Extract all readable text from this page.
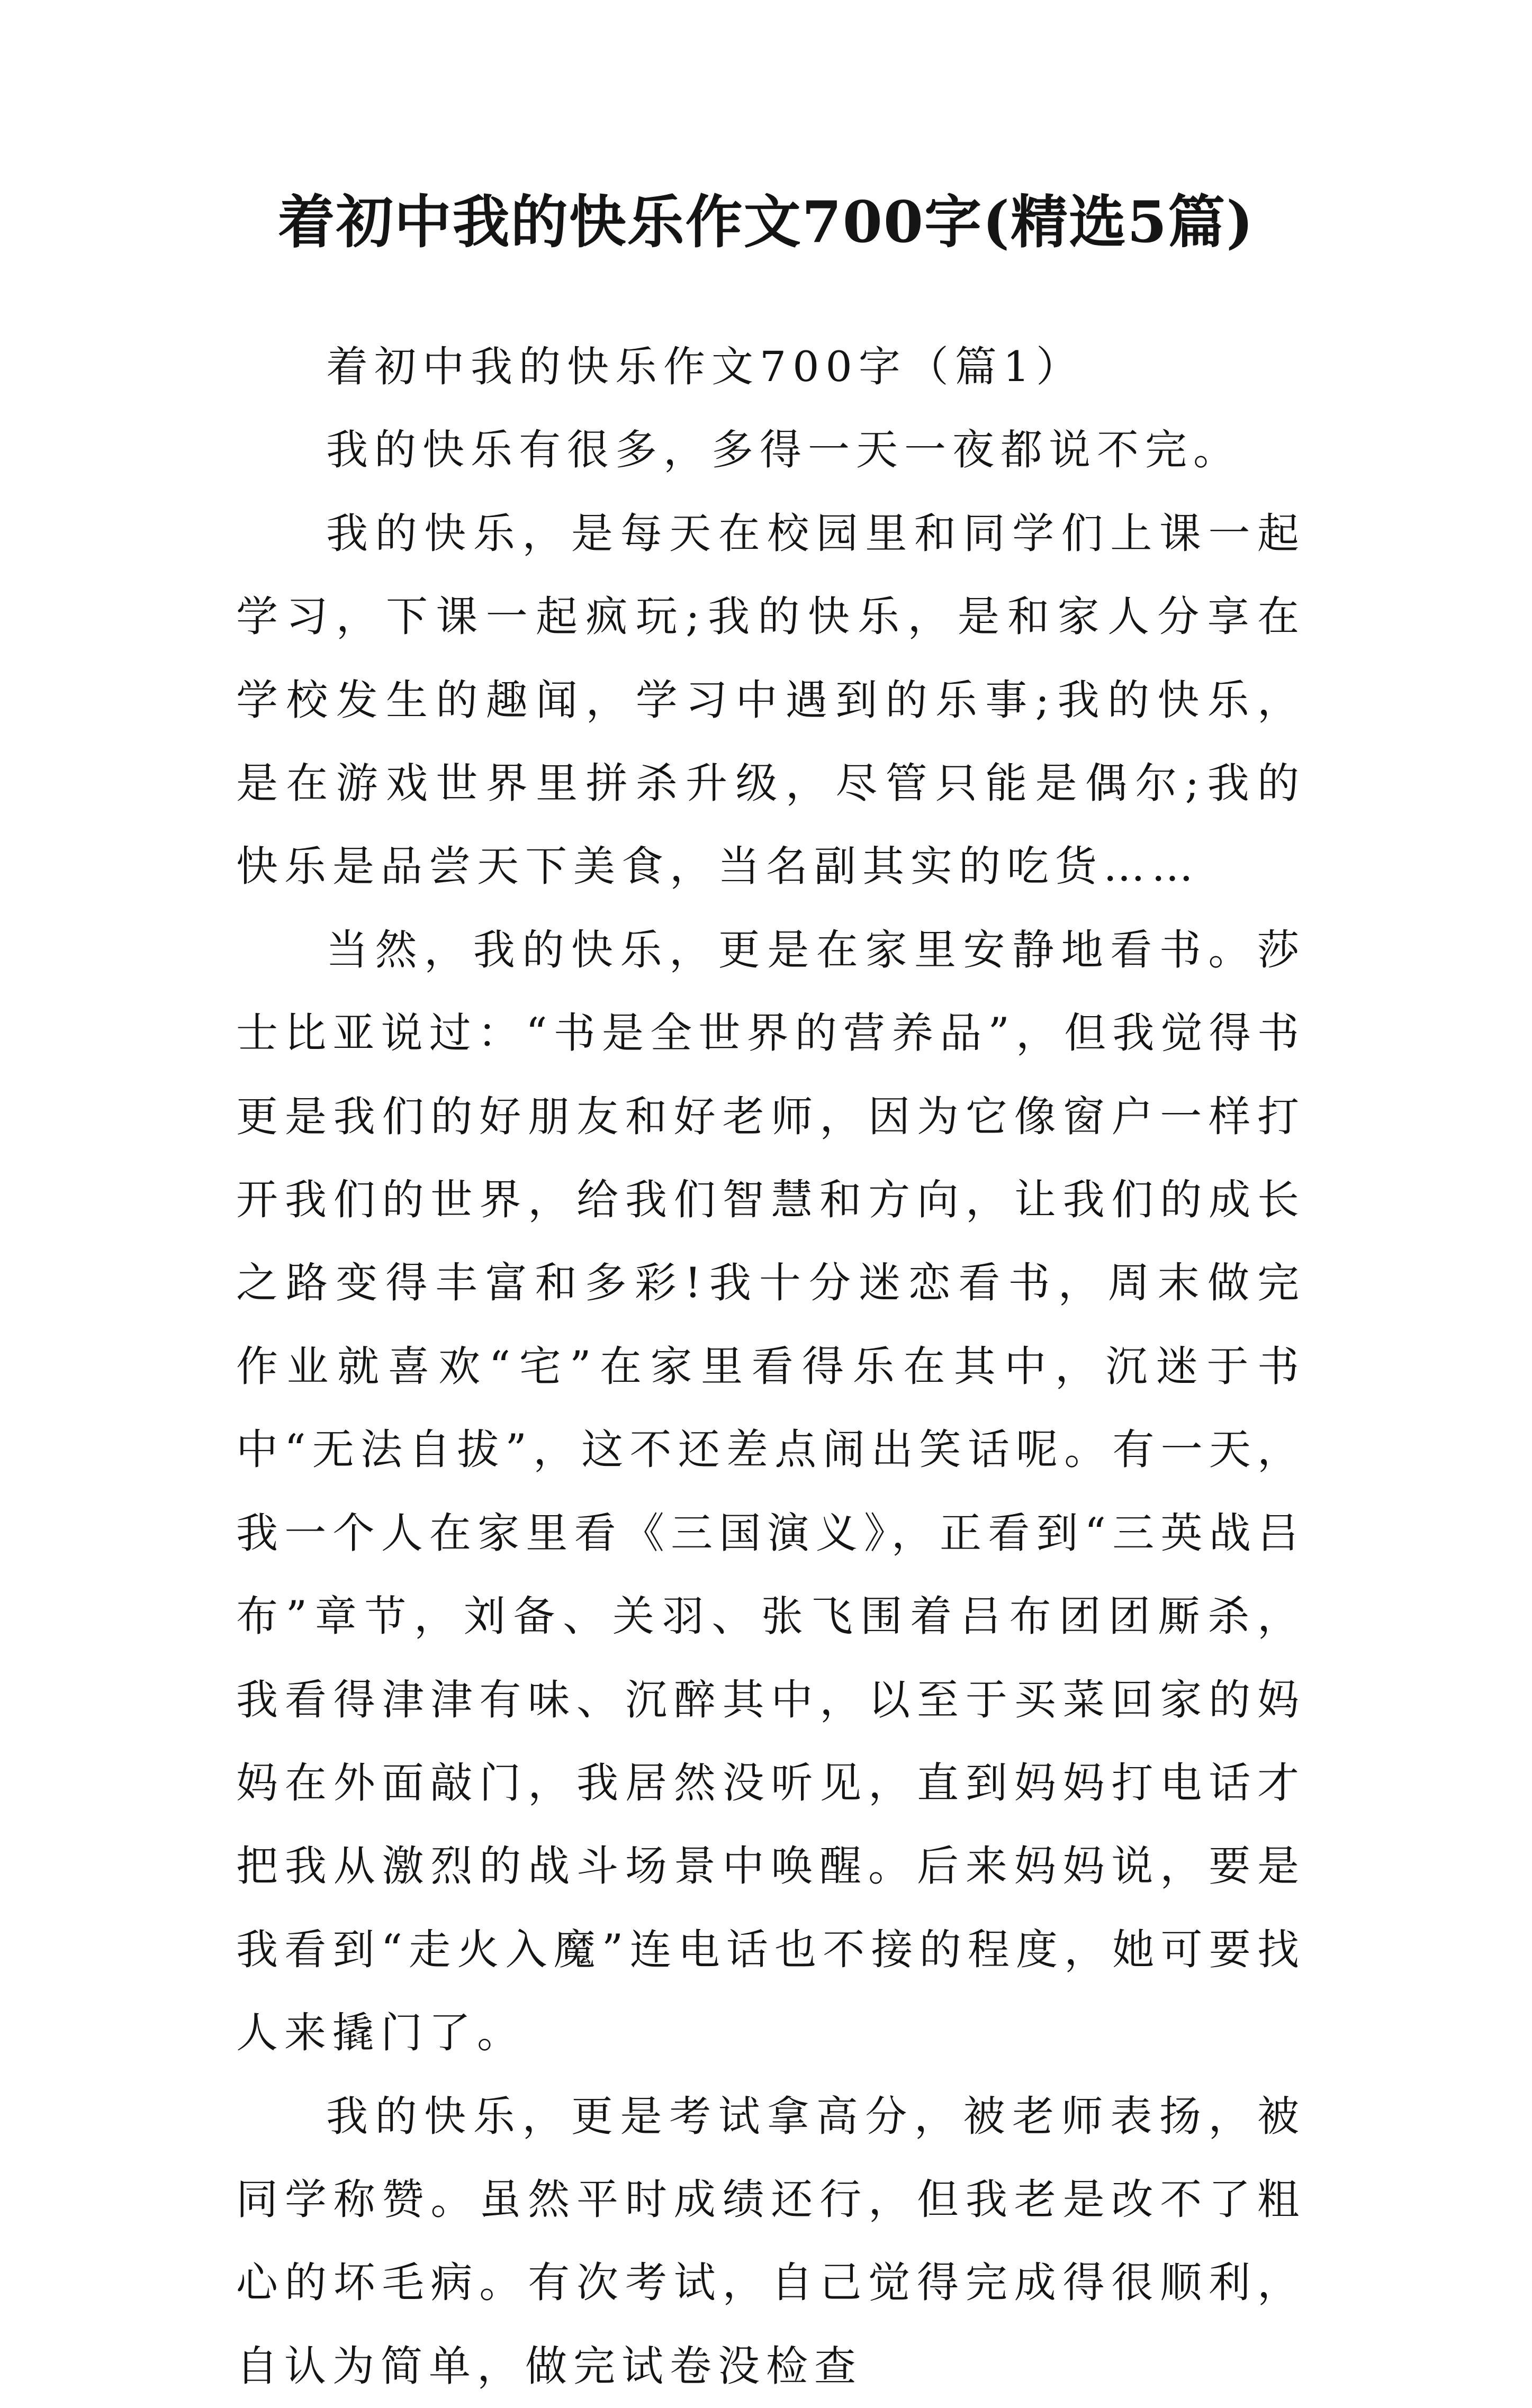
着初中我的快乐作文700字(精选5篇)

着初中我的快乐作文700字（篇1）

我的快乐有很多，多得一天一夜都说不完。

我的快乐，是每天在校园里和同学们上课一起学习，下课一起疯玩;我的快乐，是和家人分享在学校发生的趣闻，学习中遇到的乐事;我的快乐，是在游戏世界里拼杀升级，尽管只能是偶尔;我的快乐是品尝天下美食，当名副其实的吃货……

当然，我的快乐，更是在家里安静地看书。莎士比亚说过：“书是全世界的营养品”，但我觉得书更是我们的好朋友和好老师，因为它像窗户一样打开我们的世界，给我们智慧和方向，让我们的成长之路变得丰富和多彩!我十分迷恋看书，周末做完作业就喜欢“宅”在家里看得乐在其中，沉迷于书中“无法自拔”，这不还差点闹出笑话呢。有一天，我一个人在家里看《三国演义》，正看到“三英战吕布”章节，刘备、关羽、张飞围着吕布团团厮杀，我看得津津有味、沉醉其中，以至于买菜回家的妈妈在外面敲门，我居然没听见，直到妈妈打电话才把我从激烈的战斗场景中唤醒。后来妈妈说，要是我看到“走火入魔”连电话也不接的程度，她可要找人来撬门了。

我的快乐，更是考试拿高分，被老师表扬，被同学称赞。虽然平时成绩还行，但我老是改不了粗心的坏毛病。有次考试，自己觉得完成得很顺利，自认为简单，做完试卷没检查
